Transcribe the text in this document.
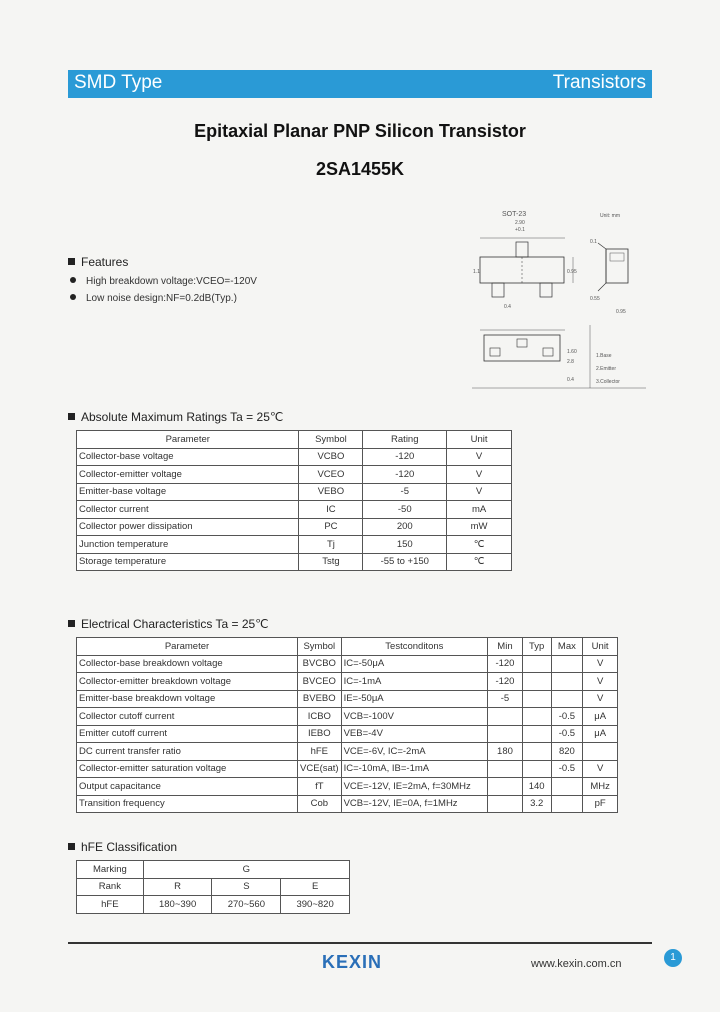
SMD Type	Transistors
Epitaxial Planar PNP Silicon Transistor
2SA1455K
SOT-23	Unit: mm
2.90
+0.1
0.95
1.1
0.4
0.95
0.55
0.1
1.60
2.8
0.4
1.Base
2.Emitter
3.Collector
Features
High breakdown voltage:VCEO=-120V
Low noise design:NF=0.2dB(Typ.)
Absolute Maximum Ratings Ta = 25℃
Parameter	Symbol	Rating	Unit
Collector-base voltage	VCBO	-120	V
Collector-emitter voltage	VCEO	-120	V
Emitter-base voltage	VEBO	-5	V
Collector current	IC	-50	mA
Collector power dissipation	PC	200	mW
Junction temperature	Tj	150	℃
Storage temperature	Tstg	-55 to +150	℃
Electrical Characteristics Ta = 25℃
Parameter	Symbol	Testconditons	Min	Typ	Max	Unit
Collector-base breakdown voltage	BVCBO	IC=-50μA	-120			V
Collector-emitter breakdown voltage	BVCEO	IC=-1mA	-120			V
Emitter-base breakdown voltage	BVEBO	IE=-50μA	-5			V
Collector cutoff current	ICBO	VCB=-100V			-0.5	μA
Emitter cutoff current	IEBO	VEB=-4V			-0.5	μA
DC current transfer ratio	hFE	VCE=-6V, IC=-2mA	180		820	
Collector-emitter saturation voltage	VCE(sat)	IC=-10mA, IB=-1mA			-0.5	V
Output capacitance	fT	VCE=-12V, IE=2mA, f=30MHz		140		MHz
Transition frequency	Cob	VCB=-12V, IE=0A, f=1MHz		3.2		pF
hFE Classification
Marking	G		
Rank	R	S	E
hFE	180~390	270~560	390~820
KEXIN	www.kexin.com.cn
1
